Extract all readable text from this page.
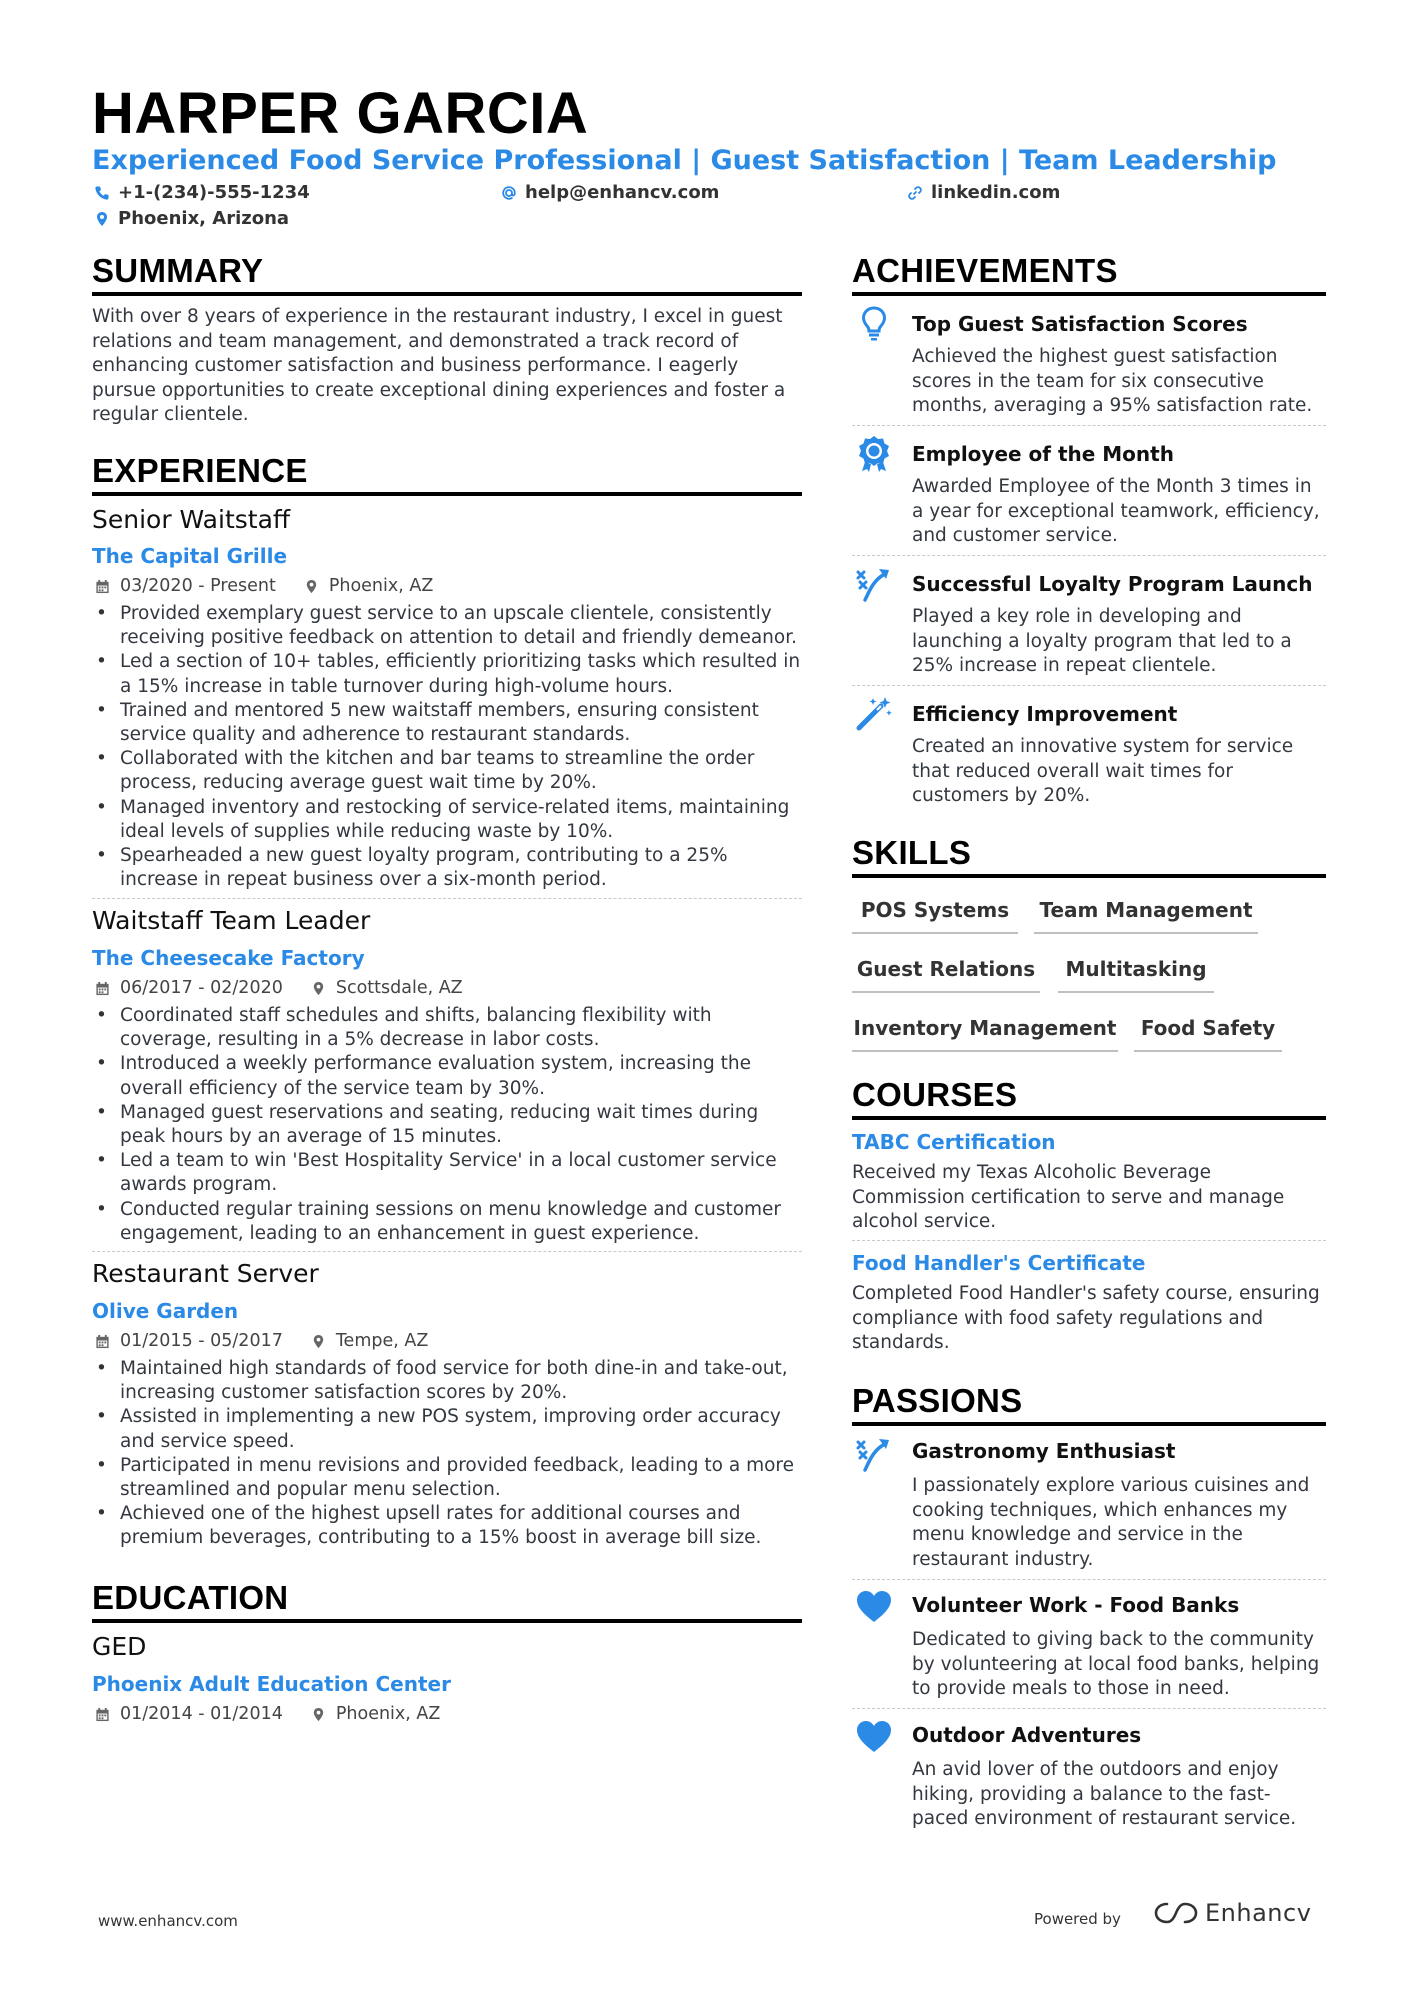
HARPER GARCIA
Experienced Food Service Professional | Guest Satisfaction | Team Leadership
+1-(234)-555-1234	help@enhancv.com	linkedin.com
Phoenix, Arizona
SUMMARY
With over 8 years of experience in the restaurant industry, I excel in guest relations and team management, and demonstrated a track record of enhancing customer satisfaction and business performance. I eagerly pursue opportunities to create exceptional dining experiences and foster a regular clientele.
EXPERIENCE
Senior Waitstaff
The Capital Grille
03/2020 - Present	Phoenix, AZ
• Provided exemplary guest service to an upscale clientele, consistently receiving positive feedback on attention to detail and friendly demeanor.
• Led a section of 10+ tables, efficiently prioritizing tasks which resulted in a 15% increase in table turnover during high-volume hours.
• Trained and mentored 5 new waitstaff members, ensuring consistent service quality and adherence to restaurant standards.
• Collaborated with the kitchen and bar teams to streamline the order process, reducing average guest wait time by 20%.
• Managed inventory and restocking of service-related items, maintaining ideal levels of supplies while reducing waste by 10%.
• Spearheaded a new guest loyalty program, contributing to a 25% increase in repeat business over a six-month period.
Waitstaff Team Leader
The Cheesecake Factory
06/2017 - 02/2020	Scottsdale, AZ
• Coordinated staff schedules and shifts, balancing flexibility with coverage, resulting in a 5% decrease in labor costs.
• Introduced a weekly performance evaluation system, increasing the overall efficiency of the service team by 30%.
• Managed guest reservations and seating, reducing wait times during peak hours by an average of 15 minutes.
• Led a team to win 'Best Hospitality Service' in a local customer service awards program.
• Conducted regular training sessions on menu knowledge and customer engagement, leading to an enhancement in guest experience.
Restaurant Server
Olive Garden
01/2015 - 05/2017	Tempe, AZ
• Maintained high standards of food service for both dine-in and take-out, increasing customer satisfaction scores by 20%.
• Assisted in implementing a new POS system, improving order accuracy and service speed.
• Participated in menu revisions and provided feedback, leading to a more streamlined and popular menu selection.
• Achieved one of the highest upsell rates for additional courses and premium beverages, contributing to a 15% boost in average bill size.
EDUCATION
GED
Phoenix Adult Education Center
01/2014 - 01/2014	Phoenix, AZ
ACHIEVEMENTS
Top Guest Satisfaction Scores
Achieved the highest guest satisfaction scores in the team for six consecutive months, averaging a 95% satisfaction rate.
Employee of the Month
Awarded Employee of the Month 3 times in a year for exceptional teamwork, efficiency, and customer service.
Successful Loyalty Program Launch
Played a key role in developing and launching a loyalty program that led to a 25% increase in repeat clientele.
Efficiency Improvement
Created an innovative system for service that reduced overall wait times for customers by 20%.
SKILLS
POS Systems	Team Management
Guest Relations	Multitasking
Inventory Management	Food Safety
COURSES
TABC Certification
Received my Texas Alcoholic Beverage Commission certification to serve and manage alcohol service.
Food Handler's Certificate
Completed Food Handler's safety course, ensuring compliance with food safety regulations and standards.
PASSIONS
Gastronomy Enthusiast
I passionately explore various cuisines and cooking techniques, which enhances my menu knowledge and service in the restaurant industry.
Volunteer Work - Food Banks
Dedicated to giving back to the community by volunteering at local food banks, helping to provide meals to those in need.
Outdoor Adventures
An avid lover of the outdoors and enjoy hiking, providing a balance to the fast-paced environment of restaurant service.
www.enhancv.com	Powered by	Enhancv
